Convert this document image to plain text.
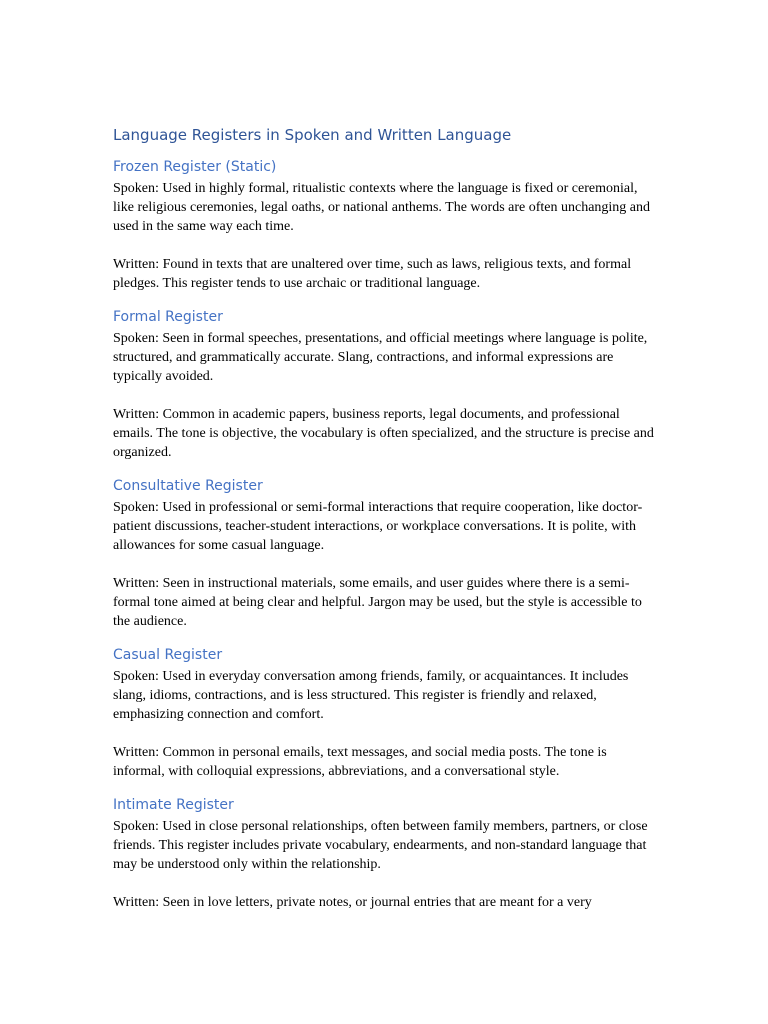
Language Registers in Spoken and Written Language
Frozen Register (Static)

Spoken: Used in highly formal, ritualistic contexts where the language is fixed or ceremonial, like religious ceremonies, legal oaths, or national anthems. The words are often unchanging and used in the same way each time.

Written: Found in texts that are unaltered over time, such as laws, religious texts, and formal pledges. This register tends to use archaic or traditional language.

Formal Register

Spoken: Seen in formal speeches, presentations, and official meetings where language is polite, structured, and grammatically accurate. Slang, contractions, and informal expressions are typically avoided.

Written: Common in academic papers, business reports, legal documents, and professional emails. The tone is objective, the vocabulary is often specialized, and the structure is precise and organized.

Consultative Register

Spoken: Used in professional or semi-formal interactions that require cooperation, like doctor-patient discussions, teacher-student interactions, or workplace conversations. It is polite, with allowances for some casual language.

Written: Seen in instructional materials, some emails, and user guides where there is a semi-formal tone aimed at being clear and helpful. Jargon may be used, but the style is accessible to the audience.

Casual Register

Spoken: Used in everyday conversation among friends, family, or acquaintances. It includes slang, idioms, contractions, and is less structured. This register is friendly and relaxed, emphasizing connection and comfort.

Written: Common in personal emails, text messages, and social media posts. The tone is informal, with colloquial expressions, abbreviations, and a conversational style.

Intimate Register

Spoken: Used in close personal relationships, often between family members, partners, or close friends. This register includes private vocabulary, endearments, and non-standard language that may be understood only within the relationship.

Written: Seen in love letters, private notes, or journal entries that are meant for a very
